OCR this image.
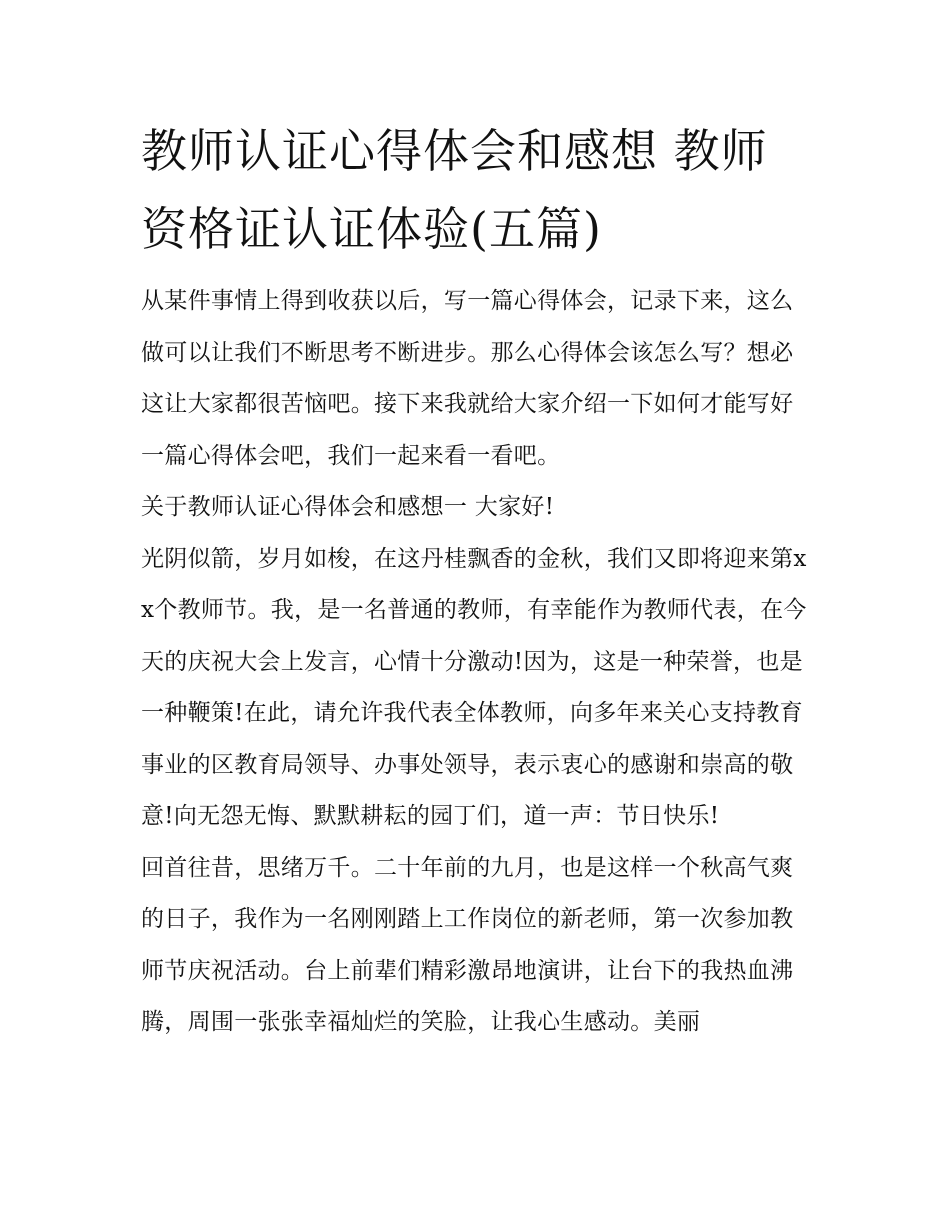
教师认证心得体会和感想 教师资格证认证体验(五篇)

从某件事情上得到收获以后，写一篇心得体会，记录下来，这么做可以让我们不断思考不断进步。那么心得体会该怎么写？想必这让大家都很苦恼吧。接下来我就给大家介绍一下如何才能写好一篇心得体会吧，我们一起来看一看吧。

关于教师认证心得体会和感想一 大家好!

光阴似箭，岁月如梭，在这丹桂飘香的金秋，我们又即将迎来第xx个教师节。我，是一名普通的教师，有幸能作为教师代表，在今天的庆祝大会上发言，心情十分激动!因为，这是一种荣誉，也是一种鞭策!在此，请允许我代表全体教师，向多年来关心支持教育事业的区教育局领导、办事处领导，表示衷心的感谢和崇高的敬意!向无怨无悔、默默耕耘的园丁们，道一声：节日快乐!

回首往昔，思绪万千。二十年前的九月，也是这样一个秋高气爽的日子，我作为一名刚刚踏上工作岗位的新老师，第一次参加教师节庆祝活动。台上前辈们精彩激昂地演讲，让台下的我热血沸腾，周围一张张幸福灿烂的笑脸，让我心生感动。美丽
